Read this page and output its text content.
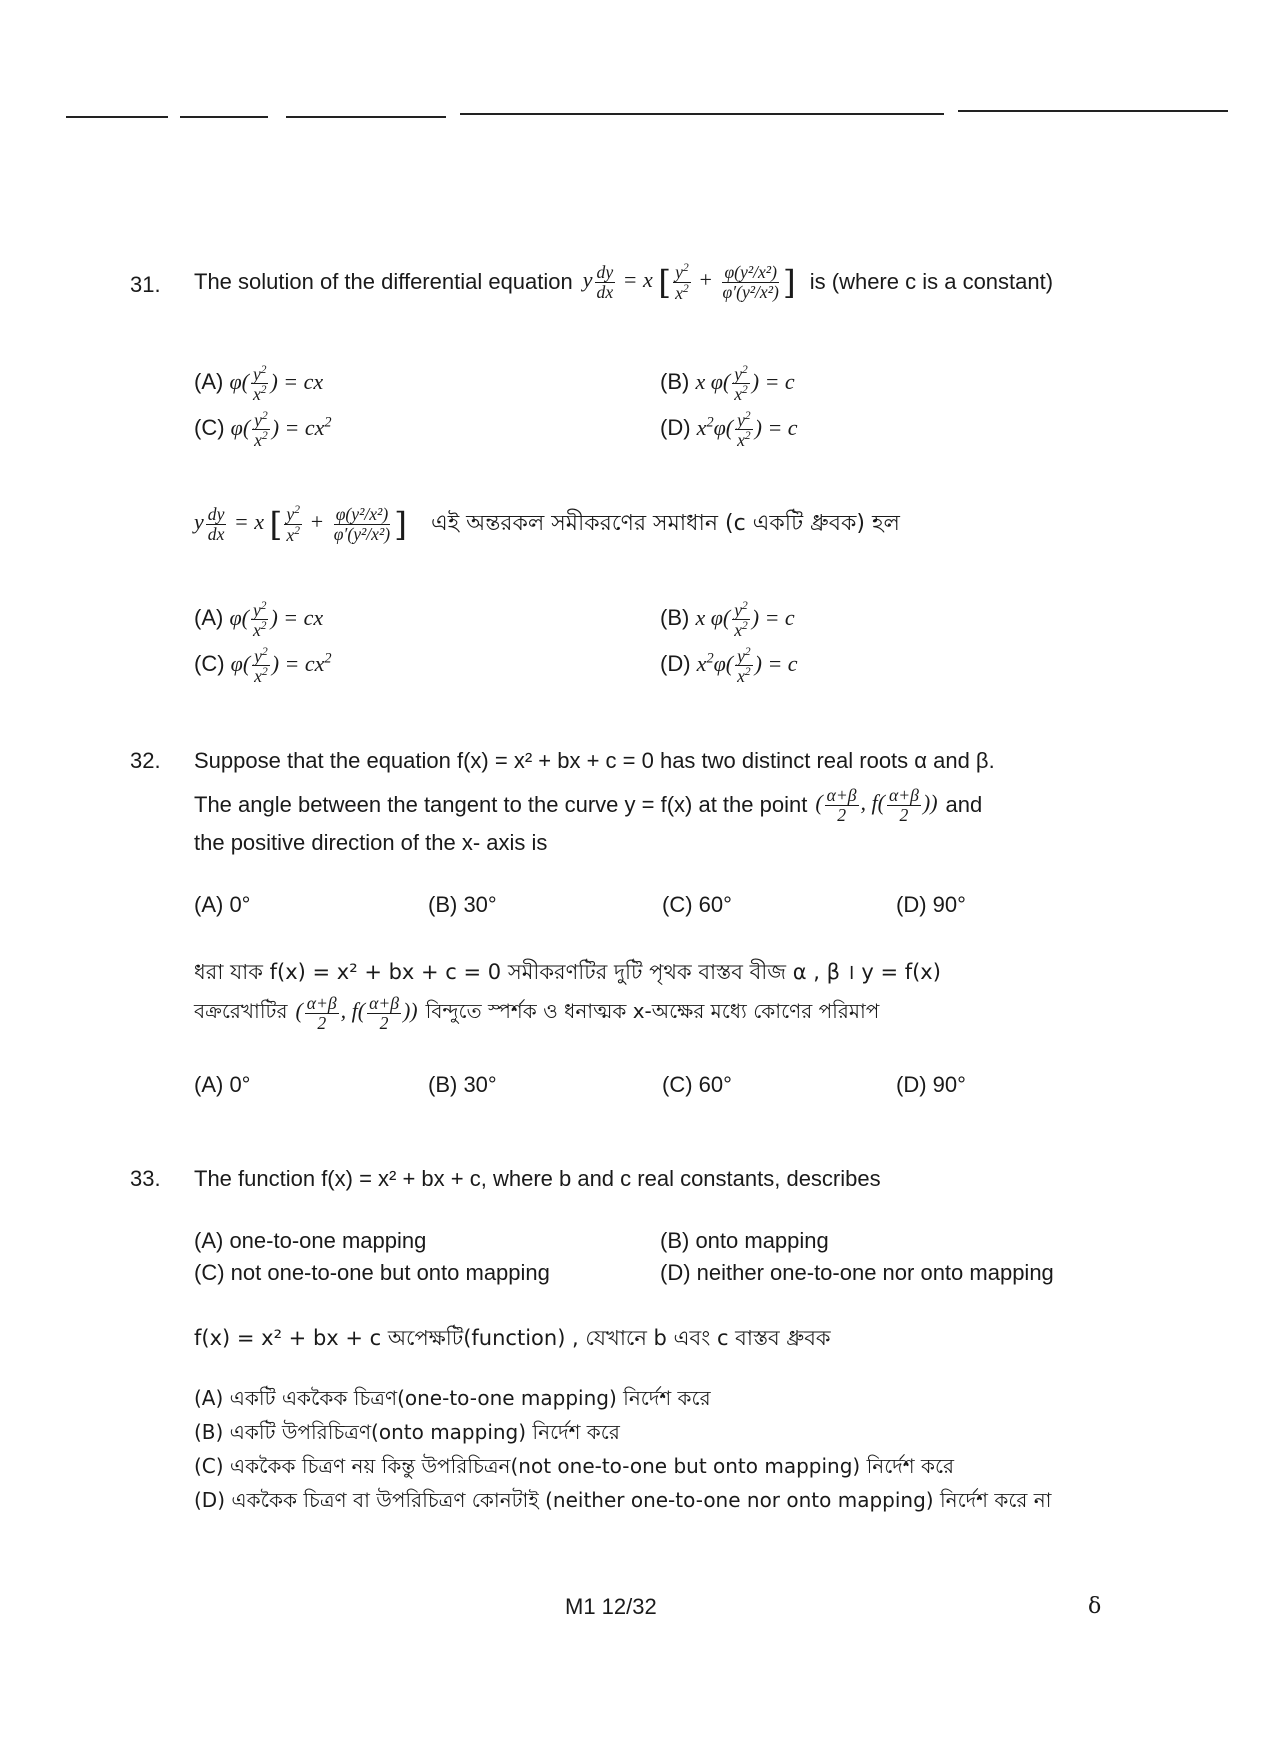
31. The solution of the differential equation y $\frac{dy}{dx} = x$ [ $\frac{y^2}{x^2} + \frac{\text{φ(y²/x²)}}{\text{φ′(y²/x²)}}$ ] is (where c is a constant)
(A) $\varphi( \frac{y^2}{x^2}$ ) = cx	(B) x $\varphi( \frac{y^2}{x^2}$ ) = c
(C) $\varphi( \frac{y^2}{x^2}$ ) = $cx^2$	(D) $x^2\varphi( \frac{y^2}{x^2}$ ) = c
y $\frac{dy}{dx} = x$ [ $\frac{y^2}{x^2} + \frac{\text{φ(y²/x²)}}{\text{φ′(y²/x²)}}$ ] এই অন্তরকল সমীকরণের সমাধান (c একটি ধ্রুবক) হল
(A) $\varphi( \frac{y^2}{x^2}$ ) = cx	(B) x $\varphi( \frac{y^2}{x^2}$ ) = c
(C) $\varphi( \frac{y^2}{x^2}$ ) = $cx^2$	(D) $x^2\varphi( \frac{y^2}{x^2}$ ) = c
32. Suppose that the equation f(x) = x² + bx + c = 0 has two distinct real roots α and β.
The angle between the tangent to the curve y = f(x) at the point ( $\frac{\alpha+\beta}{2}$ , $f( \frac{\alpha+\beta}{2}$ )) and
the positive direction of the x- axis is
(A) 0°	(B) 30°	(C) 60°	(D) 90°
ধরা যাক f(x) = x² + bx + c = 0 সমীকরণটির দুটি পৃথক বাস্তব বীজ α , β । y = f(x)
বক্ররেখাটির ( $\frac{\alpha+\beta}{2}$ , $f( \frac{\alpha+\beta}{2}$ )) বিন্দুতে স্পর্শক ও ধনাত্মক x-অক্ষের মধ্যে কোণের পরিমাপ
(A) 0°	(B) 30°	(C) 60°	(D) 90°
33. The function f(x) = x² + bx + c, where b and c real constants, describes
(A) one-to-one mapping	(B) onto mapping
(C) not one-to-one but onto mapping	(D) neither one-to-one nor onto mapping
f(x) = x² + bx + c অপেক্ষটি(function) , যেখানে b এবং c বাস্তব ধ্রুবক
(A) একটি এককৈক চিত্রণ(one-to-one mapping) নির্দেশ করে
(B) একটি উপরিচিত্রণ(onto mapping) নির্দেশ করে
(C) এককৈক চিত্রণ নয় কিন্তু উপরিচিত্রন(not one-to-one but onto mapping) নির্দেশ করে
(D) এককৈক চিত্রণ বা উপরিচিত্রণ কোনটাই (neither one-to-one nor onto mapping) নির্দেশ করে না
M1 12/32	δ
